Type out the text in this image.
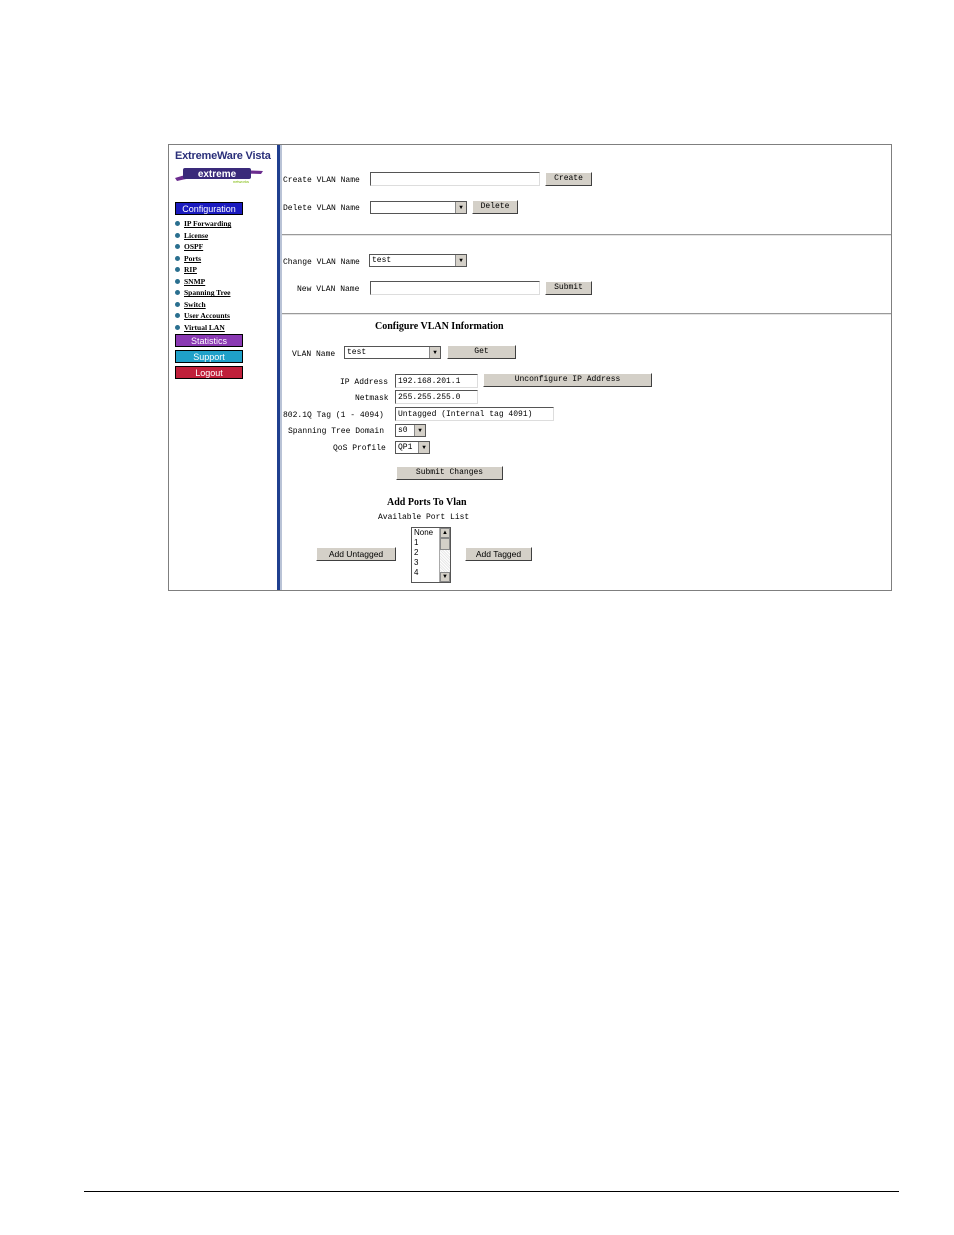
ExtremeWare Vista
extreme
networks
Configuration
IP Forwarding
License
OSPF
Ports
RIP
SNMP
Spanning Tree
Switch
User Accounts
Virtual LAN
Statistics
Support
Logout
Create VLAN Name	Create
Delete VLAN Name	▼	Delete
Change VLAN Name	test	▼
New VLAN Name	Submit
Configure VLAN Information
VLAN Name	test	▼	Get
IP Address	192.168.201.1	Unconfigure IP Address
Netmask	255.255.255.0
802.1Q Tag (1 - 4094)	Untagged (Internal tag 4091)
Spanning Tree Domain	s0	▼
QoS Profile	QP1	▼
Submit Changes
Add Ports To Vlan
Available Port List
Add Untagged
None
1
2
3
4
▲
▼
Add Tagged
